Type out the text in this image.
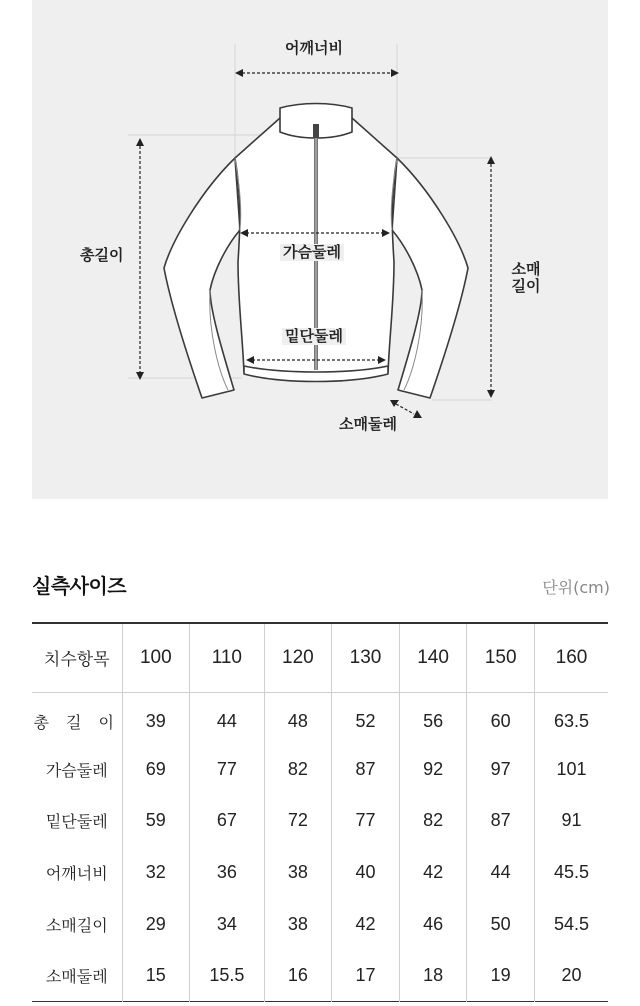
어깨너비
총길이	가슴둘레
밑단둘레
소매
길이
소매둘레
실측사이즈	단위(cm)
치수항목	100	110	120	130	140	150	160
총 길 이	39	44	48	52	56	60	63.5
가슴둘레	69	77	82	87	92	97	101
밑단둘레	59	67	72	77	82	87	91
어깨너비	32	36	38	40	42	44	45.5
소매길이	29	34	38	42	46	50	54.5
소매둘레	15	15.5	16	17	18	19	20
